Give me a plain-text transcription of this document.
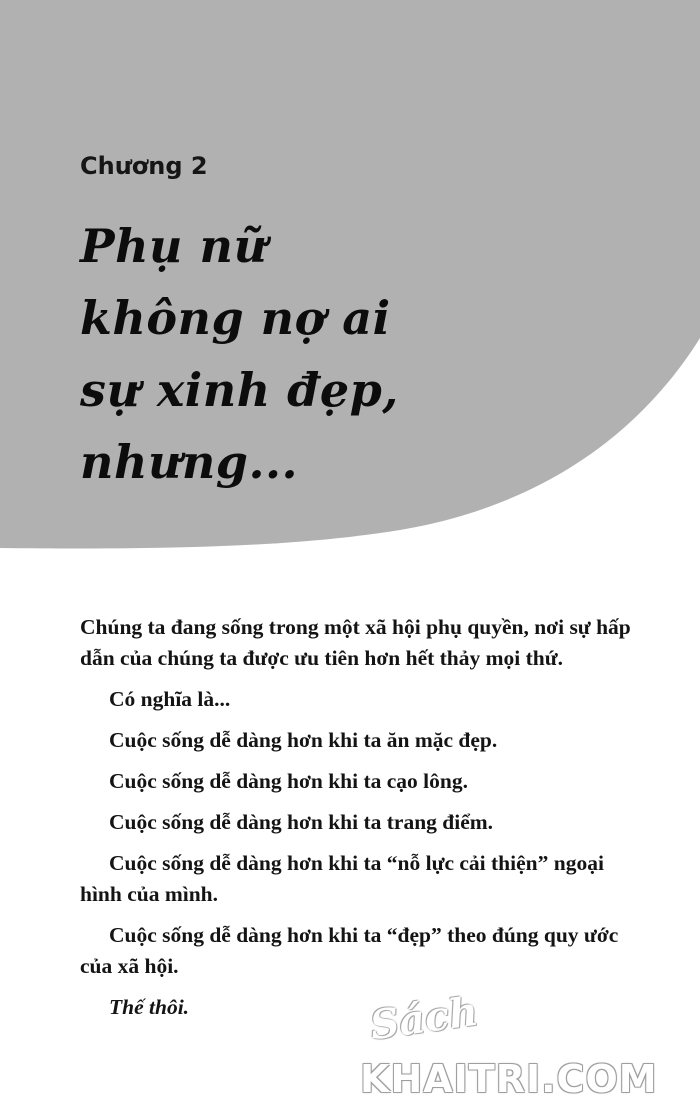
Chương 2
Phụ nữ
không nợ ai
sự xinh đẹp,
nhưng...

Chúng ta đang sống trong một xã hội phụ quyền, nơi sự hấp dẫn của chúng ta được ưu tiên hơn hết thảy mọi thứ.

Có nghĩa là...

Cuộc sống dễ dàng hơn khi ta ăn mặc đẹp.

Cuộc sống dễ dàng hơn khi ta cạo lông.

Cuộc sống dễ dàng hơn khi ta trang điểm.

Cuộc sống dễ dàng hơn khi ta “nỗ lực cải thiện” ngoại hình của mình.

Cuộc sống dễ dàng hơn khi ta “đẹp” theo đúng quy ước của xã hội.

Thế thôi.	Sách
KHAITRI.COM
